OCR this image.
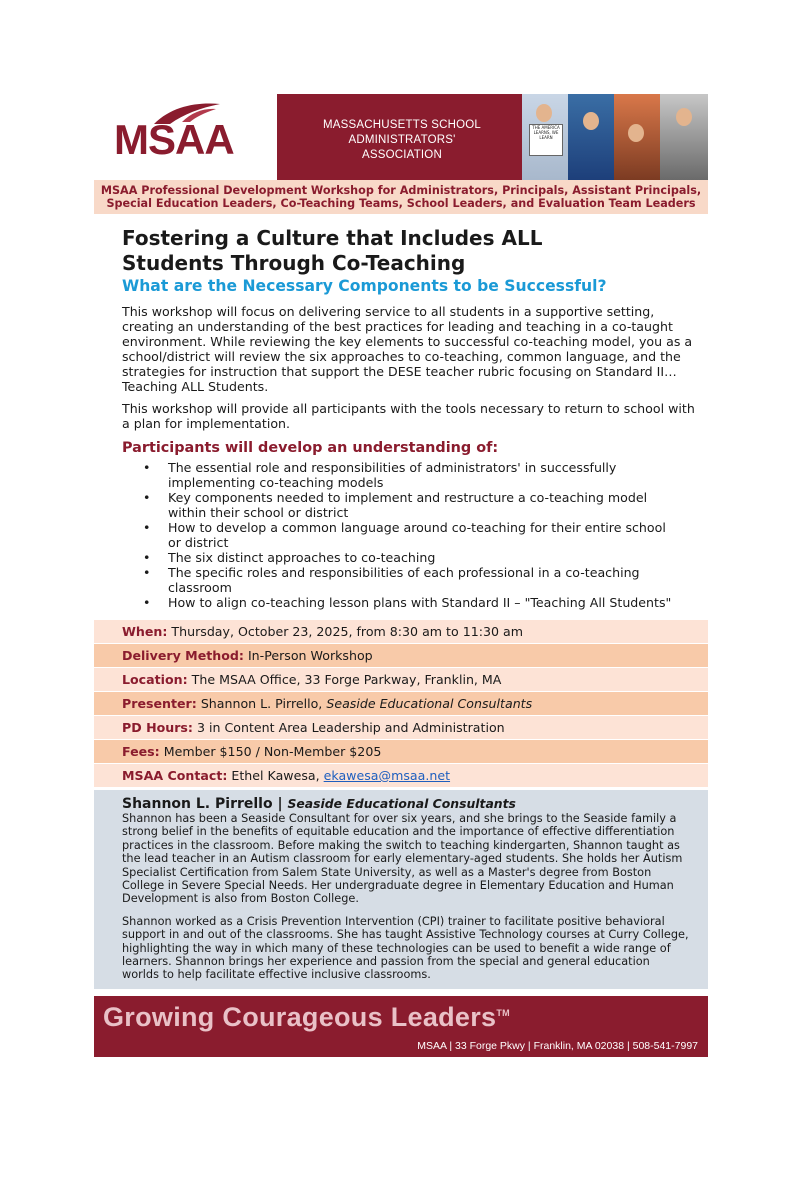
MSAA	MASSACHUSETTS SCHOOL
ADMINISTRATORS' ASSOCIATION
THE AMERICA LEARNS, WE LEARN
MSAA Professional Development Workshop for Administrators, Principals, Assistant Principals, Special Education Leaders, Co-Teaching Teams, School Leaders, and Evaluation Team Leaders
Fostering a Culture that Includes ALL
Students Through Co-Teaching
What are the Necessary Components to be Successful?
This workshop will focus on delivering service to all students in a supportive setting, creating an understanding of the best practices for leading and teaching in a co-taught environment. While reviewing the key elements to successful co-teaching model, you as a school/district will review the six approaches to co-teaching, common language, and the strategies for instruction that support the DESE teacher rubric focusing on Standard II…Teaching ALL Students.
This workshop will provide all participants with the tools necessary to return to school with a plan for implementation.
Participants will develop an understanding of:
• The essential role and responsibilities of administrators' in successfully implementing co-teaching models
• Key components needed to implement and restructure a co-teaching model within their school or district
• How to develop a common language around co-teaching for their entire school or district
• The six distinct approaches to co-teaching
• The specific roles and responsibilities of each professional in a co-teaching classroom
• How to align co-teaching lesson plans with Standard II – "Teaching All Students"
When: Thursday, October 23, 2025, from 8:30 am to 11:30 am
Delivery Method: In-Person Workshop
Location: The MSAA Office, 33 Forge Parkway, Franklin, MA
Presenter: Shannon L. Pirrello, Seaside Educational Consultants
PD Hours: 3 in Content Area Leadership and Administration
Fees: Member $150 / Non-Member $205
MSAA Contact: Ethel Kawesa, ekawesa@msaa.net
Shannon L. Pirrello | Seaside Educational Consultants

Shannon has been a Seaside Consultant for over six years, and she brings to the Seaside family a strong belief in the benefits of equitable education and the importance of effective differentiation practices in the classroom. Before making the switch to teaching kindergarten, Shannon taught as the lead teacher in an Autism classroom for early elementary-aged students. She holds her Autism Specialist Certification from Salem State University, as well as a Master's degree from Boston College in Severe Special Needs. Her undergraduate degree in Elementary Education and Human Development is also from Boston College.

Shannon worked as a Crisis Prevention Intervention (CPI) trainer to facilitate positive behavioral support in and out of the classrooms. She has taught Assistive Technology courses at Curry College, highlighting the way in which many of these technologies can be used to benefit a wide range of learners. Shannon brings her experience and passion from the special and general education worlds to help facilitate effective inclusive classrooms.

Growing Courageous Leaders™
MSAA | 33 Forge Pkwy | Franklin, MA 02038 | 508-541-7997
